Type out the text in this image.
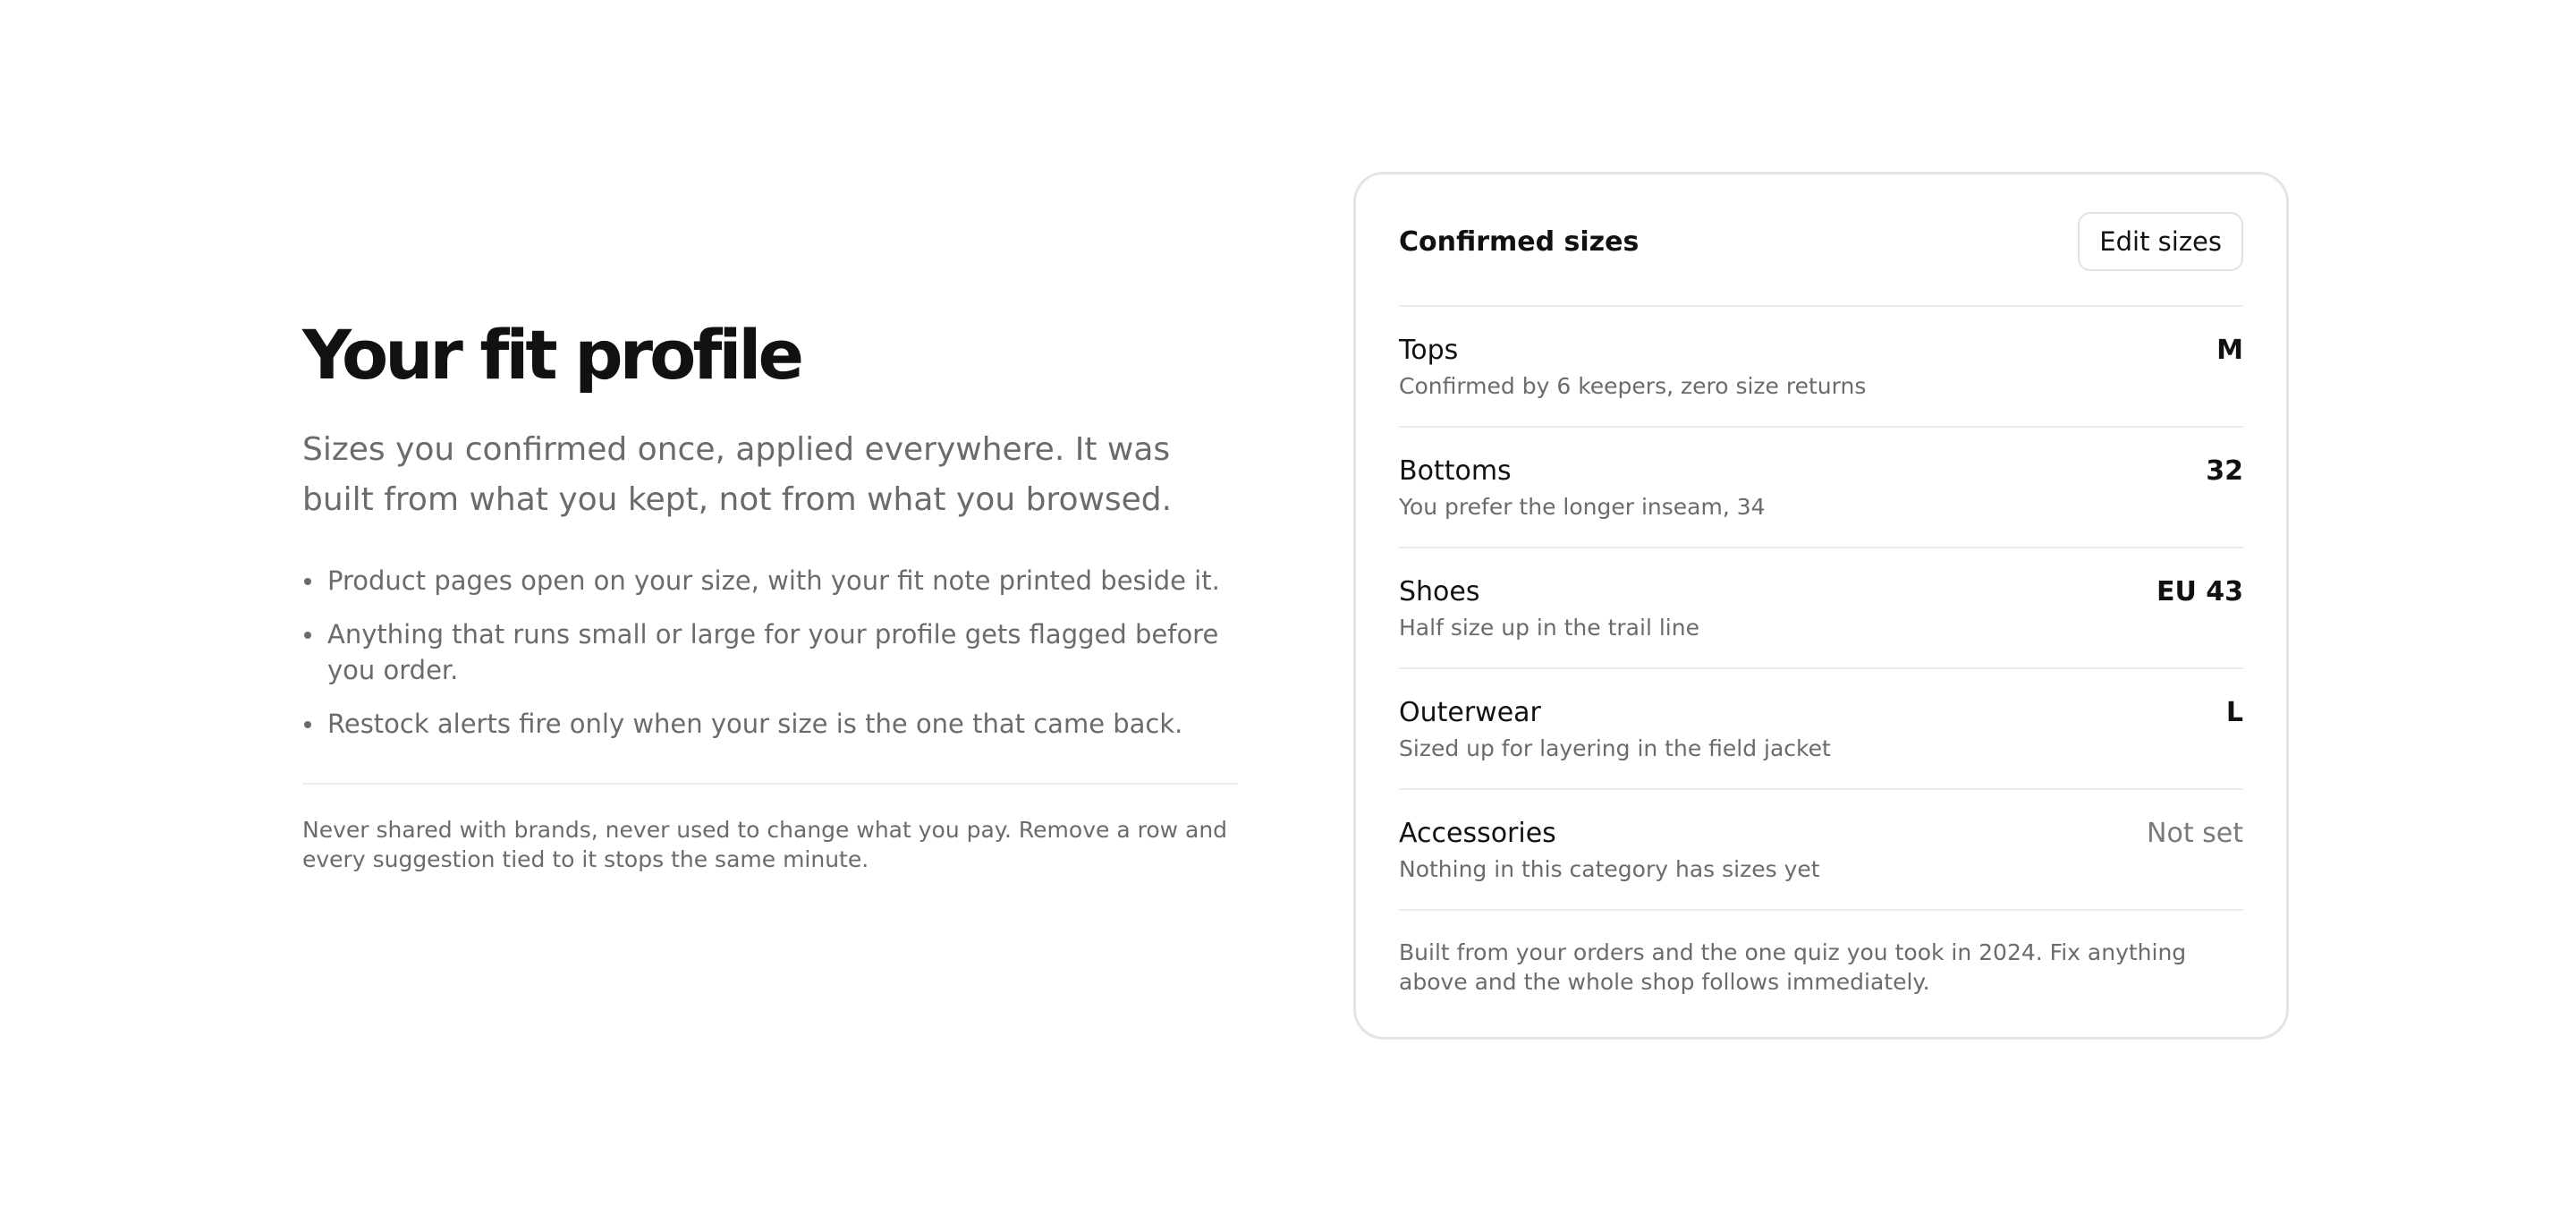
Your fit profile

Sizes you confirmed once, applied everywhere. It was built from what you kept, not from what you browsed.

Product pages open on your size, with your fit note printed beside it.
Anything that runs small or large for your profile gets flagged before you order.
Restock alerts fire only when your size is the one that came back.

Never shared with brands, never used to change what you pay. Remove a row and every suggestion tied to it stops the same minute.

Confirmed sizes	Edit sizes
Tops
Confirmed by 6 keepers, zero size returns
M
Bottoms
You prefer the longer inseam, 34
32
Shoes
Half size up in the trail line
EU 43
Outerwear
Sized up for layering in the field jacket
L
Accessories
Nothing in this category has sizes yet
Not set
Built from your orders and the one quiz you took in 2024. Fix anything above and the whole shop follows immediately.
